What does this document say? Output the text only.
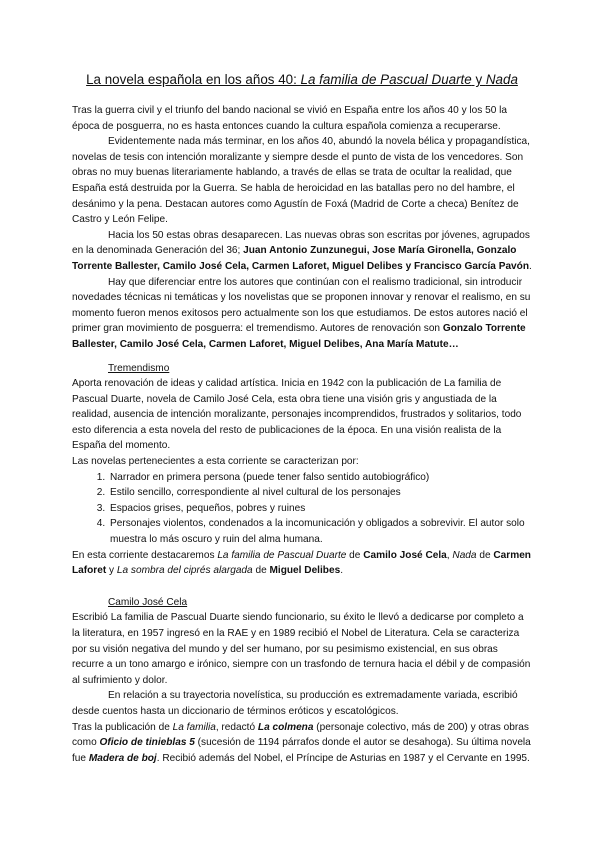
La novela española en los años 40: La familia de Pascual Duarte y Nada

Tras la guerra civil y el triunfo del bando nacional se vivió en España entre los años 40 y los 50 la época de posguerra, no es hasta entonces cuando la cultura española comienza a recuperarse.

Evidentemente nada más terminar, en los años 40, abundó la novela bélica y propagandística, novelas de tesis con intención moralizante y siempre desde el punto de vista de los vencedores. Son obras no muy buenas literariamente hablando, a través de ellas se trata de ocultar la realidad, que España está destruida por la Guerra. Se habla de heroicidad en las batallas pero no del hambre, el desánimo y la pena. Destacan autores como Agustín de Foxá (Madrid de Corte a checa) Benítez de Castro y León Felipe.

Hacia los 50 estas obras desaparecen. Las nuevas obras son escritas por jóvenes, agrupados en la denominada Generación del 36; Juan Antonio Zunzunegui, Jose María Gironella, Gonzalo Torrente Ballester, Camilo José Cela, Carmen Laforet, Miguel Delibes y Francisco García Pavón.

Hay que diferenciar entre los autores que continúan con el realismo tradicional, sin introducir novedades técnicas ni temáticas y los novelistas que se proponen innovar y renovar el realismo, en su momento fueron menos exitosos pero actualmente son los que estudiamos. De estos autores nació el primer gran movimiento de posguerra: el tremendismo. Autores de renovación son Gonzalo Torrente Ballester, Camilo José Cela, Carmen Laforet, Miguel Delibes, Ana María Matute…

Tremendismo

Aporta renovación de ideas y calidad artística. Inicia en 1942 con la publicación de La familia de Pascual Duarte, novela de Camilo José Cela, esta obra tiene una visión gris y angustiada de la realidad, ausencia de intención moralizante, personajes incomprendidos, frustrados y solitarios, todo esto diferencia a esta novela del resto de publicaciones de la época. En una visión realista de la España del momento.

Las novelas pertenecientes a esta corriente se caracterizan por:

1. Narrador en primera persona (puede tener falso sentido autobiográfico)
2. Estilo sencillo, correspondiente al nivel cultural de los personajes
3. Espacios grises, pequeños, pobres y ruines
4. Personajes violentos, condenados a la incomunicación y obligados a sobrevivir. El autor solo muestra lo más oscuro y ruin del alma humana.

En esta corriente destacaremos La familia de Pascual Duarte de Camilo José Cela, Nada de Carmen Laforet y La sombra del ciprés alargada de Miguel Delibes.

Camilo José Cela

Escribió La familia de Pascual Duarte siendo funcionario, su éxito le llevó a dedicarse por completo a la literatura, en 1957 ingresó en la RAE y en 1989 recibió el Nobel de Literatura. Cela se caracteriza por su visión negativa del mundo y del ser humano, por su pesimismo existencial, en sus obras recurre a un tono amargo e irónico, siempre con un trasfondo de ternura hacia el débil y de compasión al sufrimiento y dolor.

En relación a su trayectoria novelística, su producción es extremadamente variada, escribió desde cuentos hasta un diccionario de términos eróticos y escatológicos.

Tras la publicación de La familia, redactó La colmena (personaje colectivo, más de 200) y otras obras como Oficio de tinieblas 5 (sucesión de 1194 párrafos donde el autor se desahoga). Su última novela fue Madera de boj. Recibió además del Nobel, el Príncipe de Asturias en 1987 y el Cervante en 1995.
